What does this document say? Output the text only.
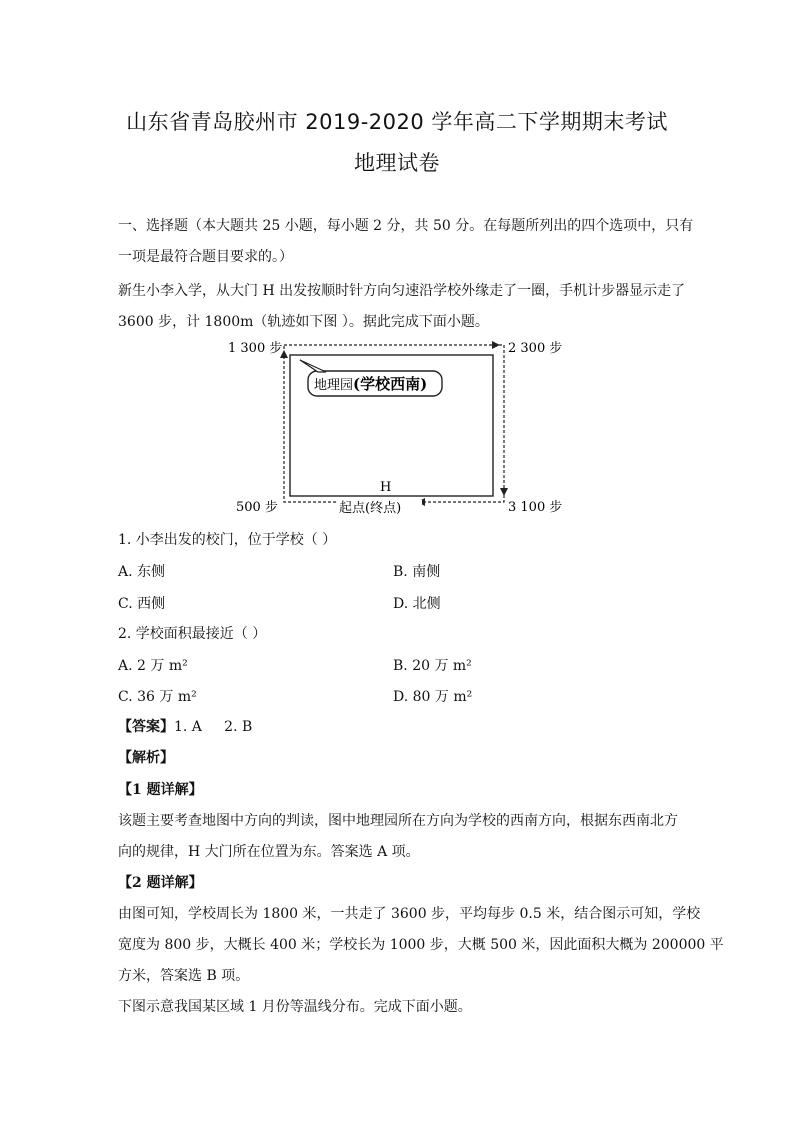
山东省青岛胶州市 2019-2020 学年高二下学期期末考试
地理试卷
一、选择题（本大题共 25 小题，每小题 2 分，共 50 分。在每题所列出的四个选项中，只有
一项是最符合题目要求的。）
新生小李入学，从大门 H 出发按顺时针方向匀速沿学校外缘走了一圈，手机计步器显示走了
3600 步，计 1800m（轨迹如下图 ）。据此完成下面小题。
地理园(学校西南)
1 300 步	2 300 步
500 步	3 100 步
H
起点(终点)
1. 小李出发的校门，位于学校（ ）
A. 东侧	B. 南侧
C. 西侧	D. 北侧
2. 学校面积最接近（ ）
A. 2 万 m²	B. 20 万 m²
C. 36 万 m²	D. 80 万 m²
【答案】1. A     2. B
【解析】
【1 题详解】
该题主要考查地图中方向的判读，图中地理园所在方向为学校的西南方向，根据东西南北方
向的规律，H 大门所在位置为东。答案选 A 项。
【2 题详解】
由图可知，学校周长为 1800 米，一共走了 3600 步，平均每步 0.5 米，结合图示可知，学校
宽度为 800 步，大概长 400 米；学校长为 1000 步，大概 500 米，因此面积大概为 200000 平
方米，答案选 B 项。
下图示意我国某区域 1 月份等温线分布。完成下面小题。
